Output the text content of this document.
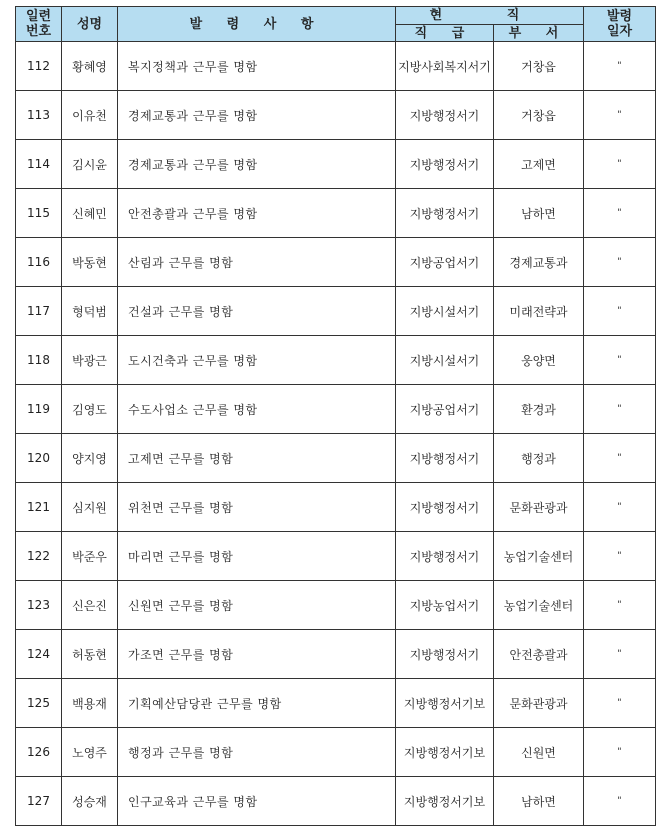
일련
번호	성명	발 령 사 항	현 직		발령
일자

			직 급	부 서	
112	황혜영	복지정책과 근무를 명함	지방사회복지서기	거창읍	"
113	이유천	경제교통과 근무를 명함	지방행정서기	거창읍	"
114	김시윤	경제교통과 근무를 명함	지방행정서기	고제면	"
115	신혜민	안전총괄과 근무를 명함	지방행정서기	남하면	"
116	박동현	산림과 근무를 명함	지방공업서기	경제교통과	"
117	형덕범	건설과 근무를 명함	지방시설서기	미래전략과	"
118	박광근	도시건축과 근무를 명함	지방시설서기	웅양면	"
119	김영도	수도사업소 근무를 명함	지방공업서기	환경과	"
120	양지영	고제면 근무를 명함	지방행정서기	행정과	"
121	심지원	위천면 근무를 명함	지방행정서기	문화관광과	"
122	박준우	마리면 근무를 명함	지방행정서기	농업기술센터	"
123	신은진	신원면 근무를 명함	지방농업서기	농업기술센터	"
124	허동현	가조면 근무를 명함	지방행정서기	안전총괄과	"
125	백용재	기획예산담당관 근무를 명함	지방행정서기보	문화관광과	"
126	노영주	행정과 근무를 명함	지방행정서기보	신원면	"
127	성승재	인구교육과 근무를 명함	지방행정서기보	남하면	"
